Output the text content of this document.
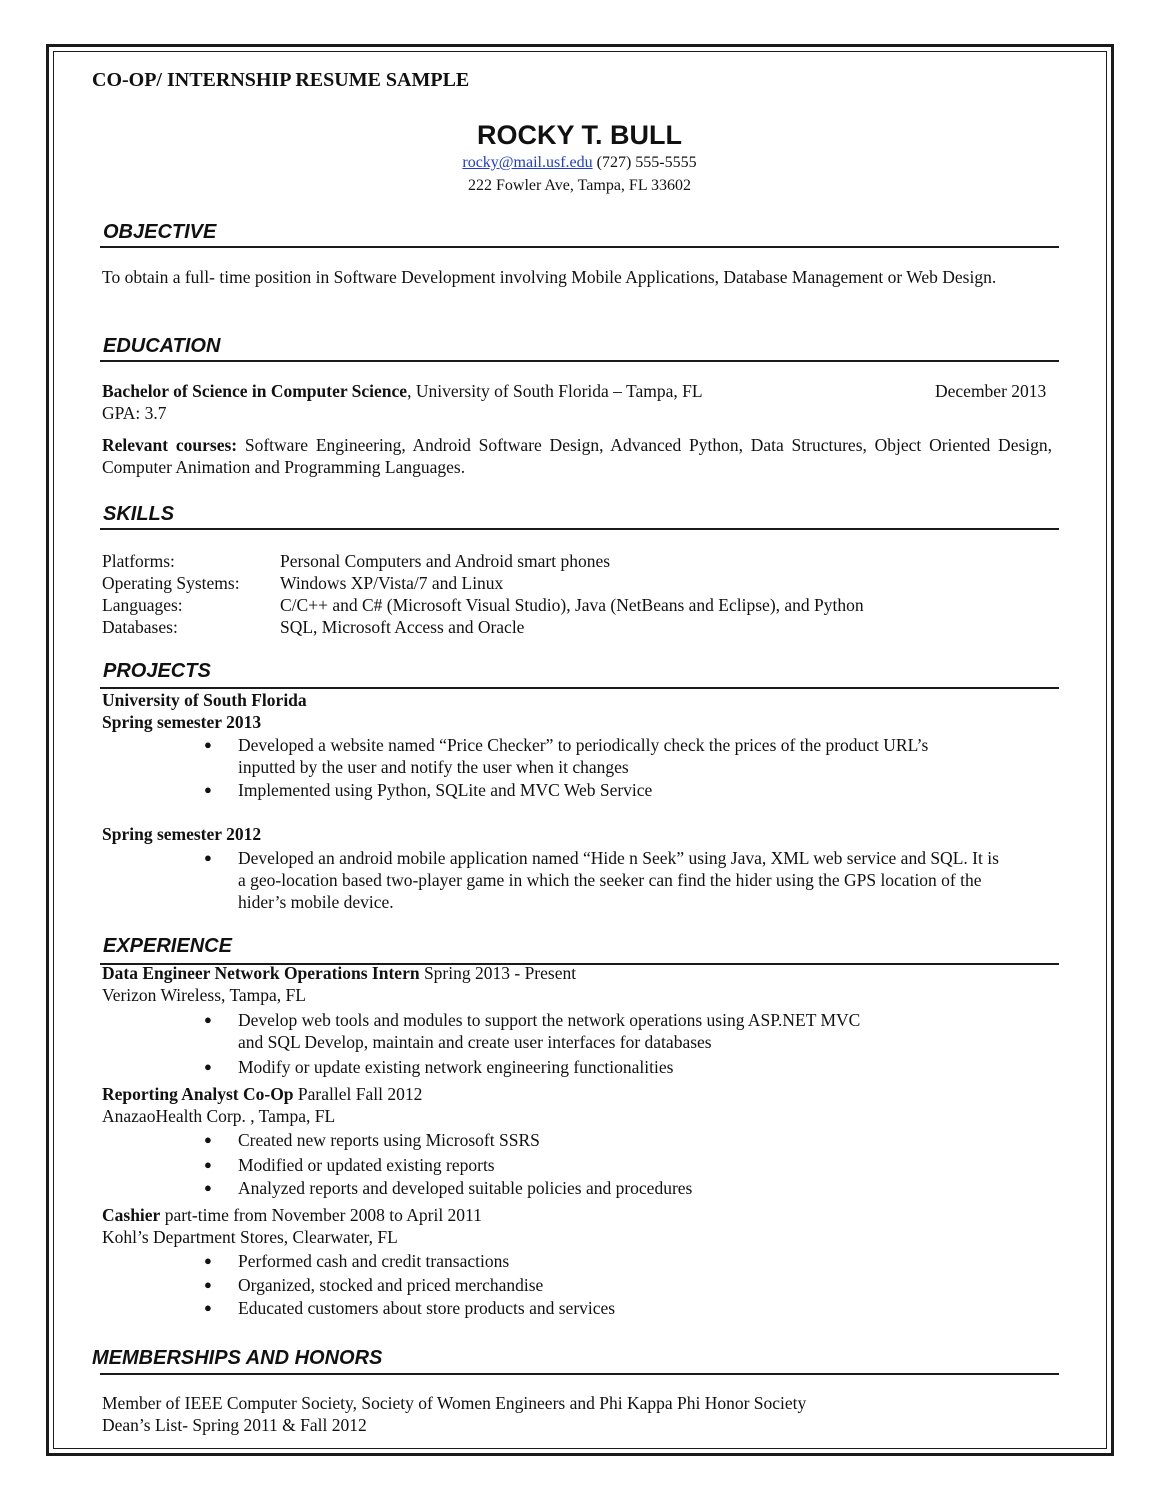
CO-OP/ INTERNSHIP RESUME SAMPLE
ROCKY T. BULL
rocky@mail.usf.edu (727) 555-5555
222 Fowler Ave, Tampa, FL 33602
OBJECTIVE
To obtain a full- time position in Software Development involving Mobile Applications, Database Management or Web Design.
EDUCATION
Bachelor of Science in Computer Science, University of South Florida – Tampa, FL	December 2013
GPA: 3.7
Relevant courses: Software Engineering, Android Software Design, Advanced Python, Data Structures, Object Oriented Design, Computer Animation and Programming Languages.
SKILLS
Platforms:	Personal Computers and Android smart phones
Operating Systems: Windows XP/Vista/7 and Linux
Languages:	C/C++ and C# (Microsoft Visual Studio), Java (NetBeans and Eclipse), and Python
Databases:	SQL, Microsoft Access and Oracle
PROJECTS
University of South Florida
Spring semester 2013
● Developed a website named “Price Checker” to periodically check the prices of the product URL’s
inputted by the user and notify the user when it changes
● Implemented using Python, SQLite and MVC Web Service
Spring semester 2012
● Developed an android mobile application named “Hide n Seek” using Java, XML web service and SQL. It is
a geo-location based two-player game in which the seeker can find the hider using the GPS location of the
hider’s mobile device.
EXPERIENCE
Data Engineer Network Operations Intern Spring 2013 - Present
Verizon Wireless, Tampa, FL
● Develop web tools and modules to support the network operations using ASP.NET MVC
and SQL Develop, maintain and create user interfaces for databases
● Modify or update existing network engineering functionalities
Reporting Analyst Co-Op Parallel Fall 2012
AnazaoHealth Corp. , Tampa, FL
● Created new reports using Microsoft SSRS
● Modified or updated existing reports
● Analyzed reports and developed suitable policies and procedures
Cashier part-time from November 2008 to April 2011
Kohl’s Department Stores, Clearwater, FL
● Performed cash and credit transactions
● Organized, stocked and priced merchandise
● Educated customers about store products and services
MEMBERSHIPS AND HONORS
Member of IEEE Computer Society, Society of Women Engineers and Phi Kappa Phi Honor Society
Dean’s List- Spring 2011 & Fall 2012
